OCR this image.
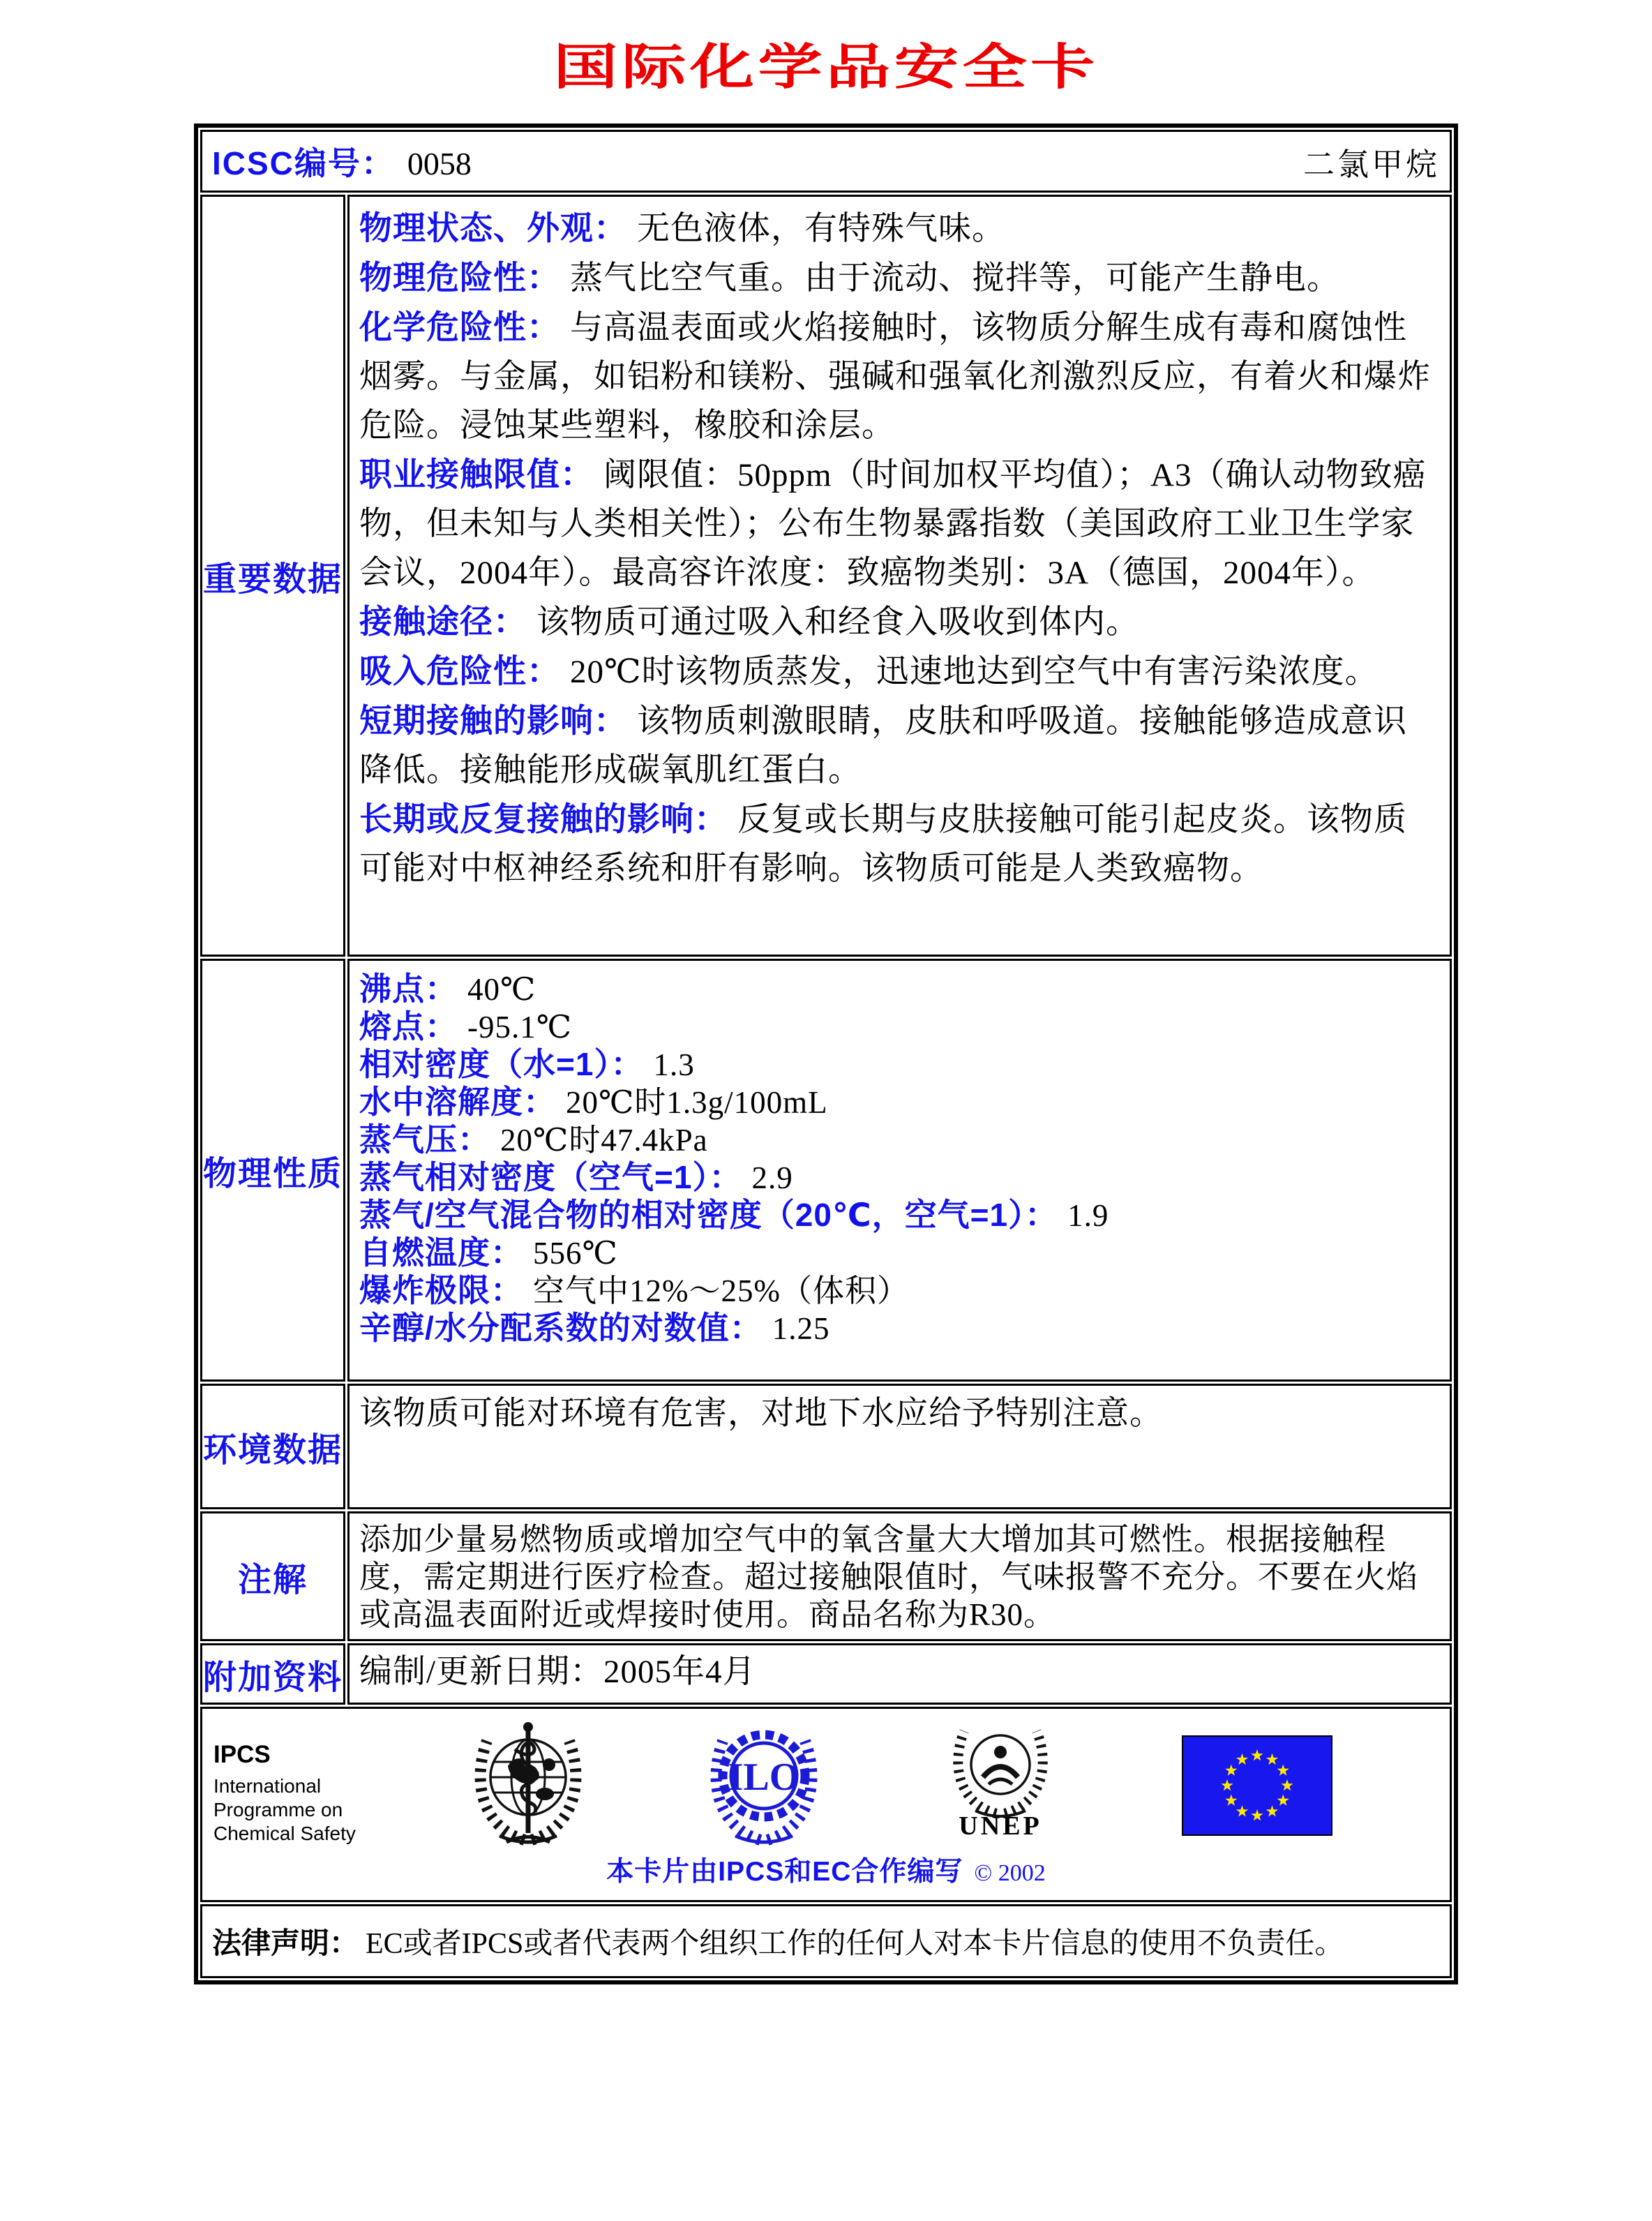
国际化学品安全卡
ICSC编号： 0058 二氯甲烷	

重要数据	
物理状态、外观： 无色液体，有特殊气味。
物理危险性： 蒸气比空气重。由于流动、搅拌等，可能产生静电。
化学危险性： 与高温表面或火焰接触时，该物质分解生成有毒和腐蚀性烟雾。与金属，如铝粉和镁粉、强碱和强氧化剂激烈反应，有着火和爆炸危险。浸蚀某些塑料，橡胶和涂层。
职业接触限值： 阈限值：50ppm（时间加权平均值）；A3（确认动物致癌物，但未知与人类相关性）；公布生物暴露指数（美国政府工业卫生学家会议，2004年）。最高容许浓度：致癌物类别：3A（德国，2004年）。
接触途径： 该物质可通过吸入和经食入吸收到体内。
吸入危险性： 20℃时该物质蒸发，迅速地达到空气中有害污染浓度。
短期接触的影响： 该物质刺激眼睛，皮肤和呼吸道。接触能够造成意识降低。接触能形成碳氧肌红蛋白。
长期或反复接触的影响： 反复或长期与皮肤接触可能引起皮炎。该物质可能对中枢神经系统和肝有影响。该物质可能是人类致癌物。

物理性质	
沸点： 40℃
熔点： -95.1℃
相对密度（水=1）： 1.3
水中溶解度： 20℃时1.3g/100mL
蒸气压： 20℃时47.4kPa
蒸气相对密度（空气=1）： 2.9
蒸气/空气混合物的相对密度（20℃，空气=1）： 1.9
自燃温度： 556℃
爆炸极限： 空气中12%～25%（体积）
辛醇/水分配系数的对数值： 1.25

环境数据	该物质可能对环境有危害，对地下水应给予特别注意。
注解	添加少量易燃物质或增加空气中的氧含量大大增加其可燃性。根据接触程度，需定期进行医疗检查。超过接触限值时，气味报警不充分。不要在火焰或高温表面附近或焊接时使用。商品名称为R30。
附加资料	编制/更新日期：2005年4月

IPCS
International
Programme on
Chemical Safety
ILO
UNEP
本卡片由IPCS和EC合作编写 © 2002

法律声明： EC或者IPCS或者代表两个组织工作的任何人对本卡片信息的使用不负责任。	
